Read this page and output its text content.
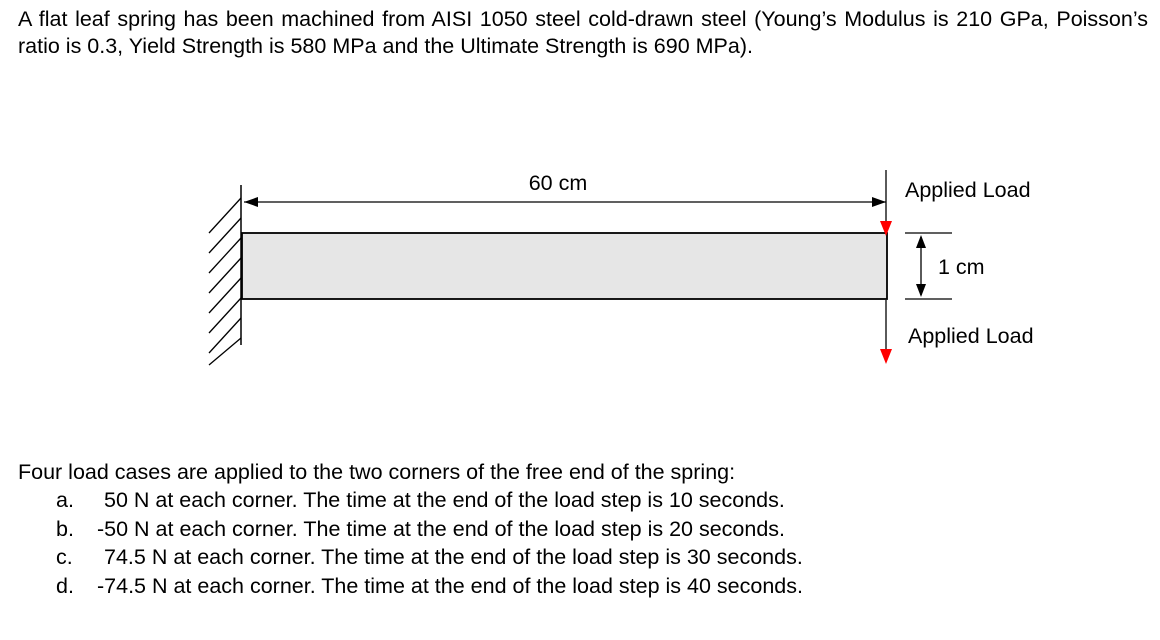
A flat leaf spring has been machined from AISI 1050 steel cold-drawn steel (Young’s Modulus is 210 GPa, Poisson’s ratio is 0.3, Yield Strength is 580 MPa and the Ultimate Strength is 690 MPa).

60 cm	Applied Load
Applied Load
1 cm

Four load cases are applied to the two corners of the free end of the spring:

a. 50 N at each corner. The time at the end of the load step is 10 seconds.
b. -50 N at each corner. The time at the end of the load step is 20 seconds.
c. 74.5 N at each corner. The time at the end of the load step is 30 seconds.
d. -74.5 N at each corner. The time at the end of the load step is 40 seconds.
